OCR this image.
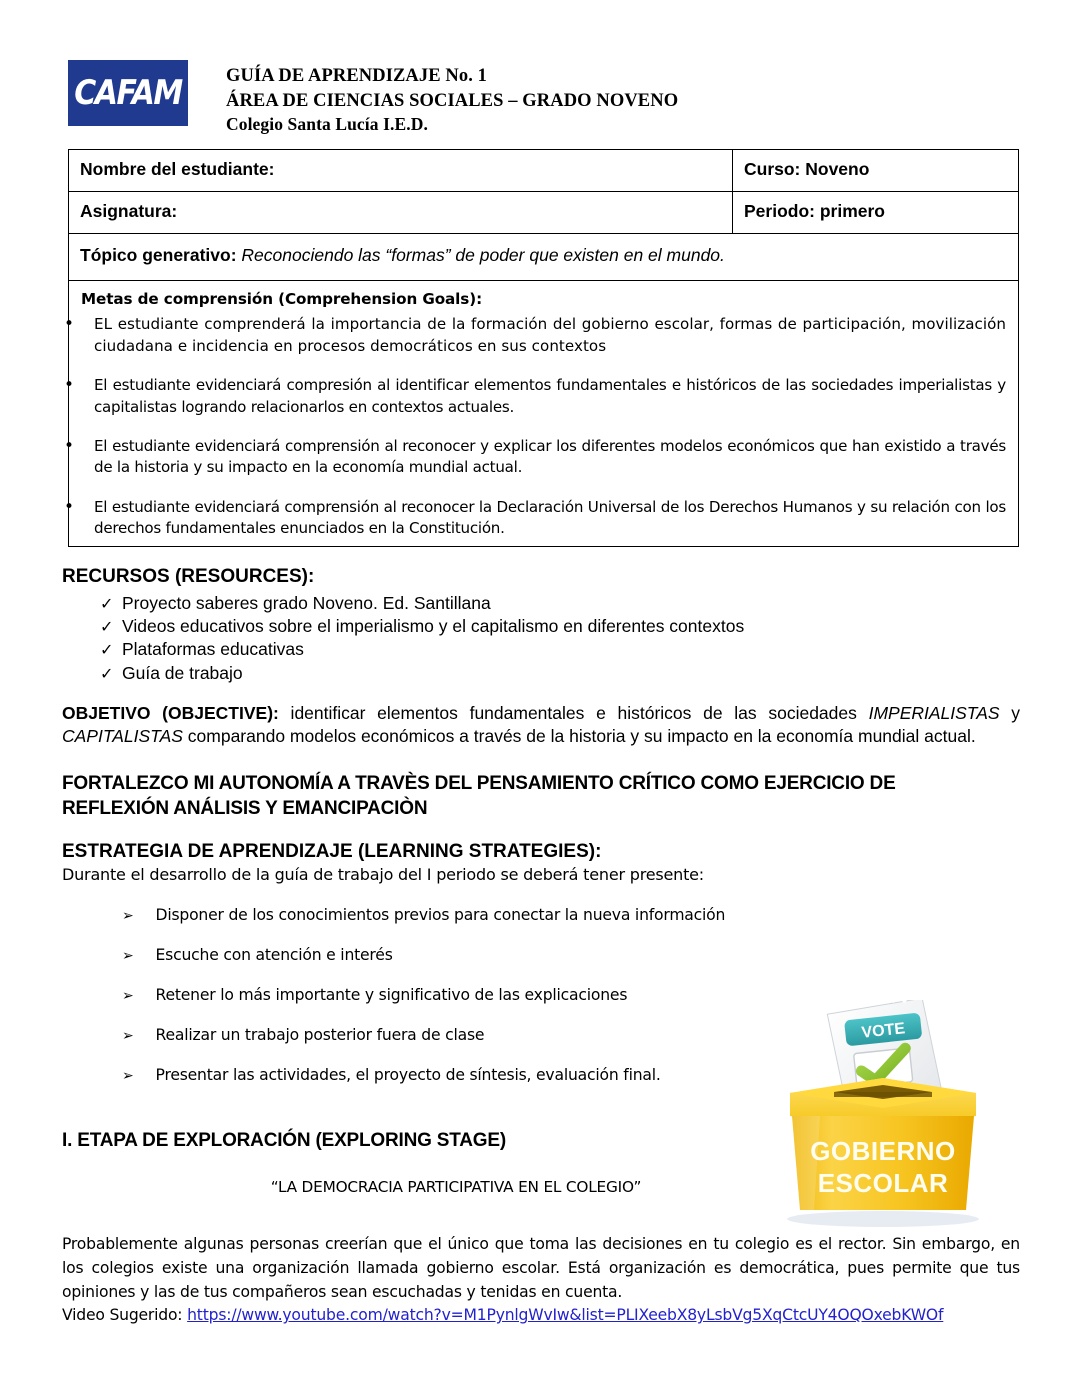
CAFAM GUÍA DE APRENDIZAJE No. 1
ÁREA DE CIENCIAS SOCIALES – GRADO NOVENO
Colegio Santa Lucía I.E.D.
Nombre del estudiante:	Curso: Noveno
Asignatura:	Periodo: primero
Tópico generativo: Reconociendo las “formas” de poder que existen en el mundo.	

Metas de comprensión (Comprehension Goals):
•	EL estudiante comprenderá la importancia de la formación del gobierno escolar, formas de participación, movilización ciudadana e incidencia en procesos democráticos en sus contextos
•	El estudiante evidenciará compresión al identificar elementos fundamentales e históricos de las sociedades imperialistas y capitalistas logrando relacionarlos en contextos actuales.
•	El estudiante evidenciará comprensión al reconocer y explicar los diferentes modelos económicos que han existido a través de la historia y su impacto en la economía mundial actual.
•	El estudiante evidenciará comprensión al reconocer la Declaración Universal de los Derechos Humanos y su relación con los derechos fundamentales enunciados en la Constitución.
RECURSOS (RESOURCES):
✓ Proyecto saberes grado Noveno. Ed. Santillana
✓ Videos educativos sobre el imperialismo y el capitalismo en diferentes contextos
✓ Plataformas educativas
✓ Guía de trabajo
OBJETIVO (OBJECTIVE): identificar elementos fundamentales e históricos de las sociedades IMPERIALISTAS y CAPITALISTAS comparando modelos económicos a través de la historia y su impacto en la economía mundial actual.
FORTALEZCO MI AUTONOMÍA A TRAVÈS DEL PENSAMIENTO CRÍTICO COMO EJERCICIO DE
REFLEXIÓN ANÁLISIS Y EMANCIPACIÒN
ESTRATEGIA DE APRENDIZAJE (LEARNING STRATEGIES):
Durante el desarrollo de la guía de trabajo del I periodo se deberá tener presente:
➢	Disponer de los conocimientos previos para conectar la nueva información
➢	Escuche con atención e interés
➢	Retener lo más importante y significativo de las explicaciones
➢	Realizar un trabajo posterior fuera de clase
➢	Presentar las actividades, el proyecto de síntesis, evaluación final.
I. ETAPA DE EXPLORACIÓN (EXPLORING STAGE)
“LA DEMOCRACIA PARTICIPATIVA EN EL COLEGIO”
Probablemente algunas personas creerían que el único que toma las decisiones en tu colegio es el rector. Sin embargo, en los colegios existe una organización llamada gobierno escolar. Está organización es democrática, pues permite que tus opiniones y las de tus compañeros sean escuchadas y tenidas en cuenta.
Video Sugerido: https://www.youtube.com/watch?v=M1PynlgWvIw&list=PLIXeebX8yLsbVg5XqCtcUY4OQOxebKWOf
VOTE
GOBIERNO
ESCOLAR
